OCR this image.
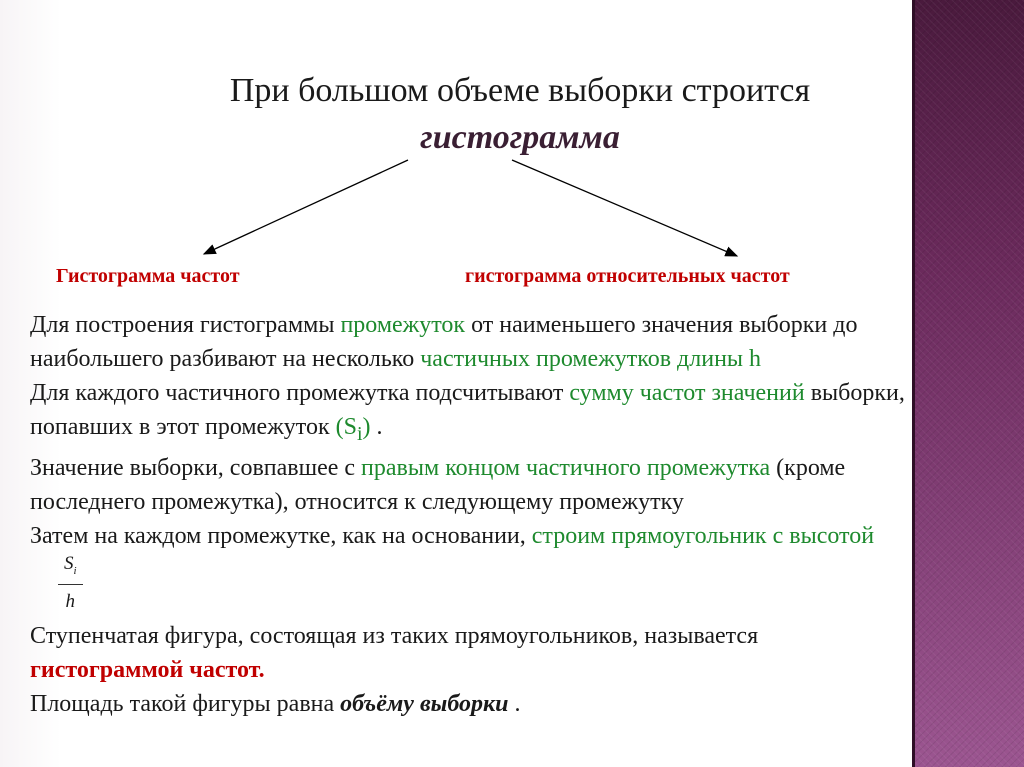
При большом объеме выборки строится
гистограмма
Гистограмма частот	гистограмма относительных частот

Для построения гистограммы промежуток от наименьшего значения выборки до наибольшего разбивают на несколько частичных промежутков длины h

Для каждого частичного промежутка подсчитывают сумму частот значений выборки, попавших в этот промежуток $(S_i)$ .

Значение выборки, совпавшее с правым концом частичного промежутка (кроме последнего промежутка), относится к следующему промежутку

Затем на каждом промежутке, как на основании, строим прямоугольник с высотой
$\frac{S_i}{h}$

Ступенчатая фигура, состоящая из таких прямоугольников, называется гистограммой частот.

Площадь такой фигуры равна объёму выборки .
